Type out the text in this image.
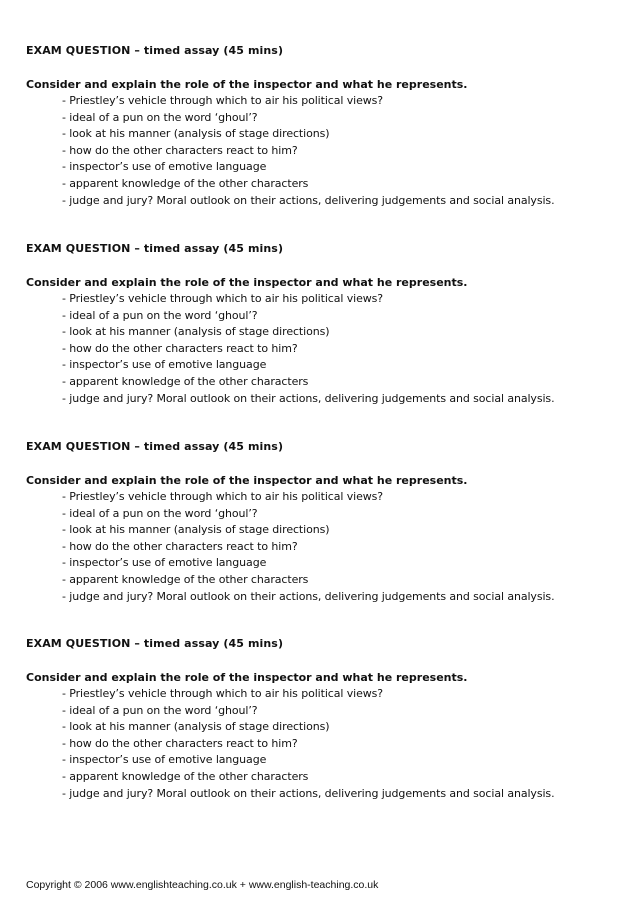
EXAM QUESTION – timed assay (45 mins)

Consider and explain the role of the inspector and what he represents.

- Priestley’s vehicle through which to air his political views?
- ideal of a pun on the word ‘ghoul’?
- look at his manner (analysis of stage directions)
- how do the other characters react to him?
- inspector’s use of emotive language
- apparent knowledge of the other characters
- judge and jury? Moral outlook on their actions, delivering judgements and social analysis.

EXAM QUESTION – timed assay (45 mins)

Consider and explain the role of the inspector and what he represents.

- Priestley’s vehicle through which to air his political views?
- ideal of a pun on the word ‘ghoul’?
- look at his manner (analysis of stage directions)
- how do the other characters react to him?
- inspector’s use of emotive language
- apparent knowledge of the other characters
- judge and jury? Moral outlook on their actions, delivering judgements and social analysis.

EXAM QUESTION – timed assay (45 mins)

Consider and explain the role of the inspector and what he represents.

- Priestley’s vehicle through which to air his political views?
- ideal of a pun on the word ‘ghoul’?
- look at his manner (analysis of stage directions)
- how do the other characters react to him?
- inspector’s use of emotive language
- apparent knowledge of the other characters
- judge and jury? Moral outlook on their actions, delivering judgements and social analysis.

EXAM QUESTION – timed assay (45 mins)

Consider and explain the role of the inspector and what he represents.

- Priestley’s vehicle through which to air his political views?
- ideal of a pun on the word ‘ghoul’?
- look at his manner (analysis of stage directions)
- how do the other characters react to him?
- inspector’s use of emotive language
- apparent knowledge of the other characters
- judge and jury? Moral outlook on their actions, delivering judgements and social analysis.
Copyright © 2006 www.englishteaching.co.uk + www.english-teaching.co.uk
